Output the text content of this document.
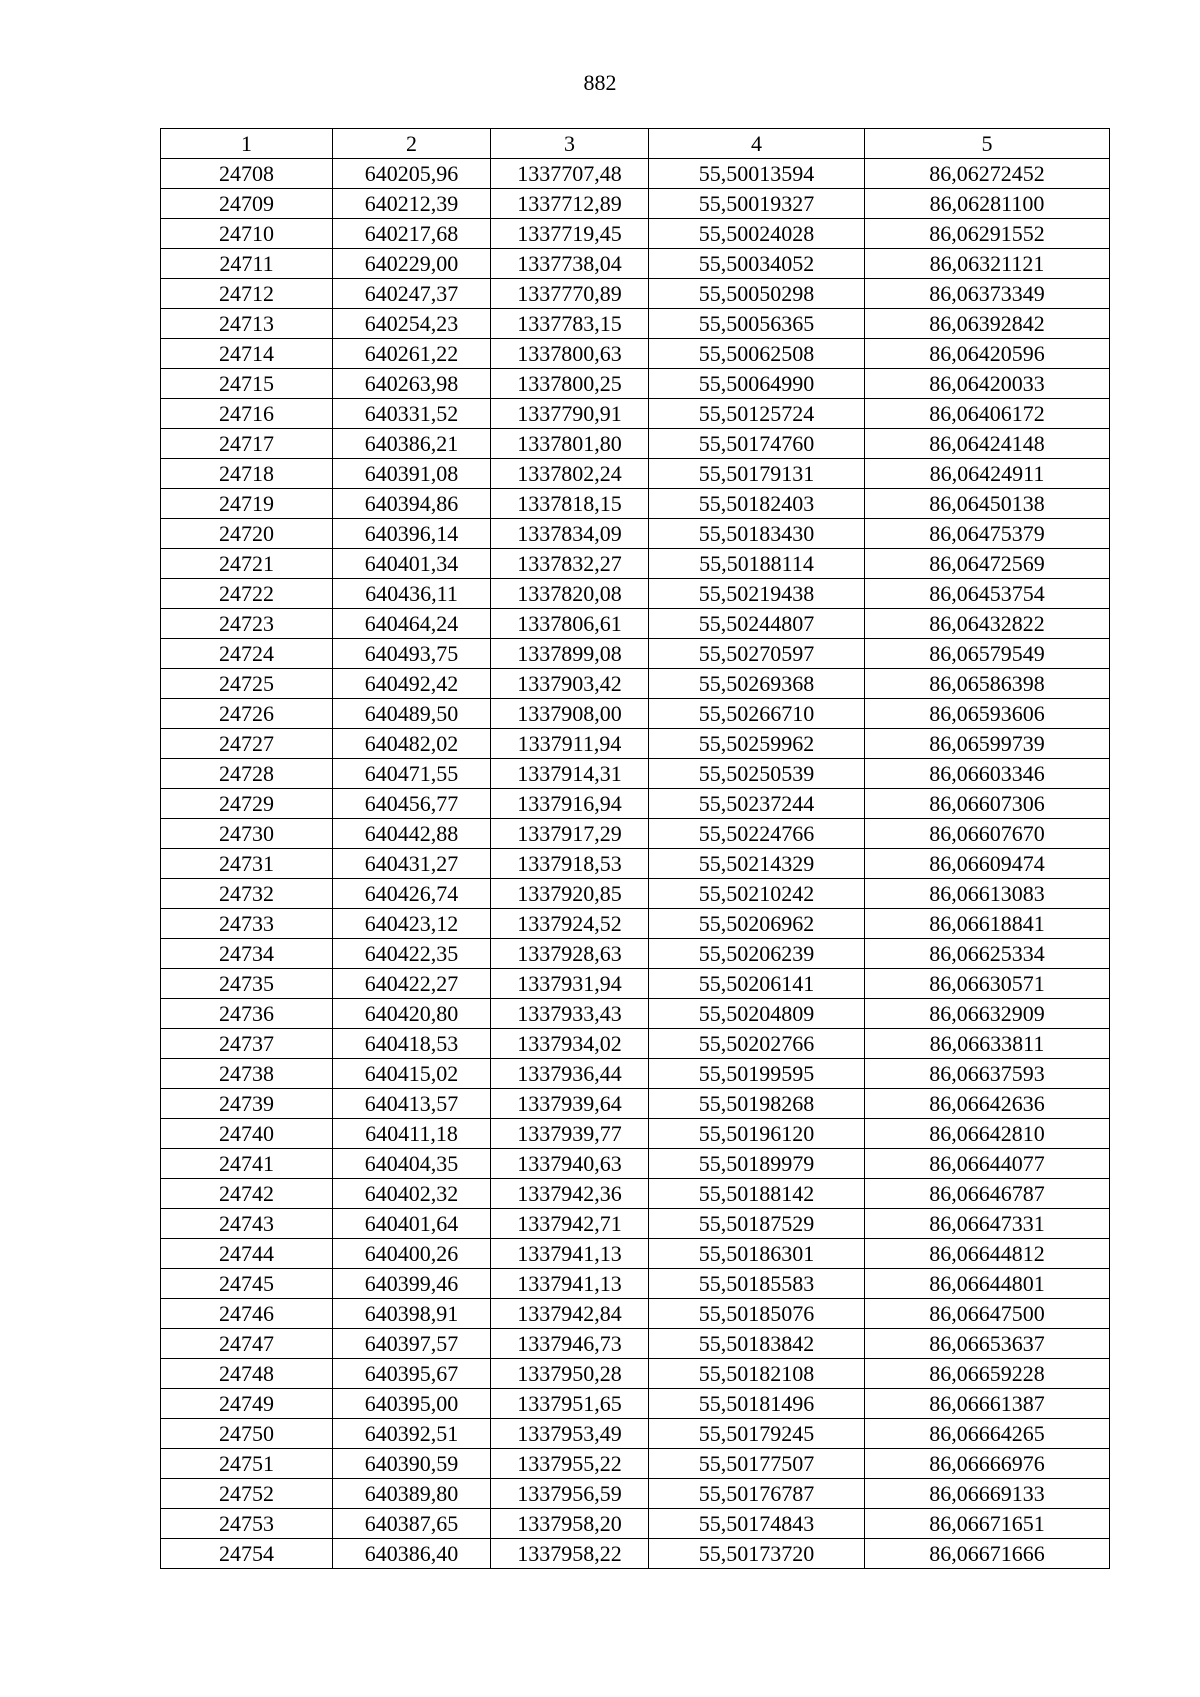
882
1	2	3	4	5
24708	640205,96	1337707,48	55,50013594	86,06272452
24709	640212,39	1337712,89	55,50019327	86,06281100
24710	640217,68	1337719,45	55,50024028	86,06291552
24711	640229,00	1337738,04	55,50034052	86,06321121
24712	640247,37	1337770,89	55,50050298	86,06373349
24713	640254,23	1337783,15	55,50056365	86,06392842
24714	640261,22	1337800,63	55,50062508	86,06420596
24715	640263,98	1337800,25	55,50064990	86,06420033
24716	640331,52	1337790,91	55,50125724	86,06406172
24717	640386,21	1337801,80	55,50174760	86,06424148
24718	640391,08	1337802,24	55,50179131	86,06424911
24719	640394,86	1337818,15	55,50182403	86,06450138
24720	640396,14	1337834,09	55,50183430	86,06475379
24721	640401,34	1337832,27	55,50188114	86,06472569
24722	640436,11	1337820,08	55,50219438	86,06453754
24723	640464,24	1337806,61	55,50244807	86,06432822
24724	640493,75	1337899,08	55,50270597	86,06579549
24725	640492,42	1337903,42	55,50269368	86,06586398
24726	640489,50	1337908,00	55,50266710	86,06593606
24727	640482,02	1337911,94	55,50259962	86,06599739
24728	640471,55	1337914,31	55,50250539	86,06603346
24729	640456,77	1337916,94	55,50237244	86,06607306
24730	640442,88	1337917,29	55,50224766	86,06607670
24731	640431,27	1337918,53	55,50214329	86,06609474
24732	640426,74	1337920,85	55,50210242	86,06613083
24733	640423,12	1337924,52	55,50206962	86,06618841
24734	640422,35	1337928,63	55,50206239	86,06625334
24735	640422,27	1337931,94	55,50206141	86,06630571
24736	640420,80	1337933,43	55,50204809	86,06632909
24737	640418,53	1337934,02	55,50202766	86,06633811
24738	640415,02	1337936,44	55,50199595	86,06637593
24739	640413,57	1337939,64	55,50198268	86,06642636
24740	640411,18	1337939,77	55,50196120	86,06642810
24741	640404,35	1337940,63	55,50189979	86,06644077
24742	640402,32	1337942,36	55,50188142	86,06646787
24743	640401,64	1337942,71	55,50187529	86,06647331
24744	640400,26	1337941,13	55,50186301	86,06644812
24745	640399,46	1337941,13	55,50185583	86,06644801
24746	640398,91	1337942,84	55,50185076	86,06647500
24747	640397,57	1337946,73	55,50183842	86,06653637
24748	640395,67	1337950,28	55,50182108	86,06659228
24749	640395,00	1337951,65	55,50181496	86,06661387
24750	640392,51	1337953,49	55,50179245	86,06664265
24751	640390,59	1337955,22	55,50177507	86,06666976
24752	640389,80	1337956,59	55,50176787	86,06669133
24753	640387,65	1337958,20	55,50174843	86,06671651
24754	640386,40	1337958,22	55,50173720	86,06671666
